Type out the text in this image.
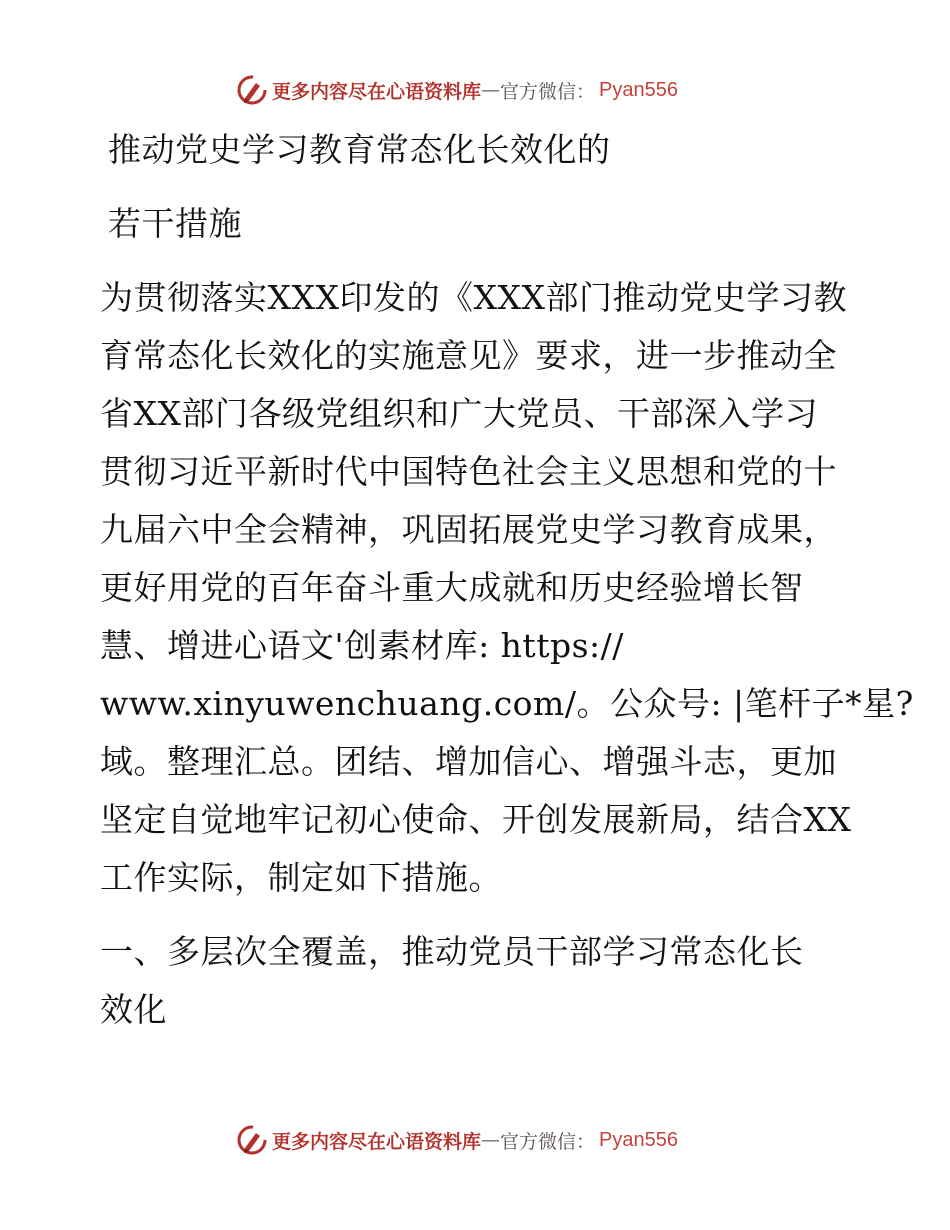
更多内容尽在心语资料库 — 官方微信： Pyan556

推动党史学习教育常态化长效化的

若干措施

为贯彻落实XXX印发的《XXX部门推动党史学习教

育常态化长效化的实施意见》要求，进一步推动全

省XX部门各级党组织和广大党员、干部深入学习

贯彻习近平新时代中国特色社会主义思想和党的十

九届六中全会精神，巩固拓展党史学习教育成果，

更好用党的百年奋斗重大成就和历史经验增长智

慧、增进心语文'创素材库: https://

www.xinyuwenchuang.com/。公众号: |笔杆子*星?

域。整理汇总。团结、增加信心、增强斗志，更加

坚定自觉地牢记初心使命、开创发展新局，结合XX

工作实际，制定如下措施。

一、多层次全覆盖，推动党员干部学习常态化长

效化

更多内容尽在心语资料库 — 官方微信： Pyan556
